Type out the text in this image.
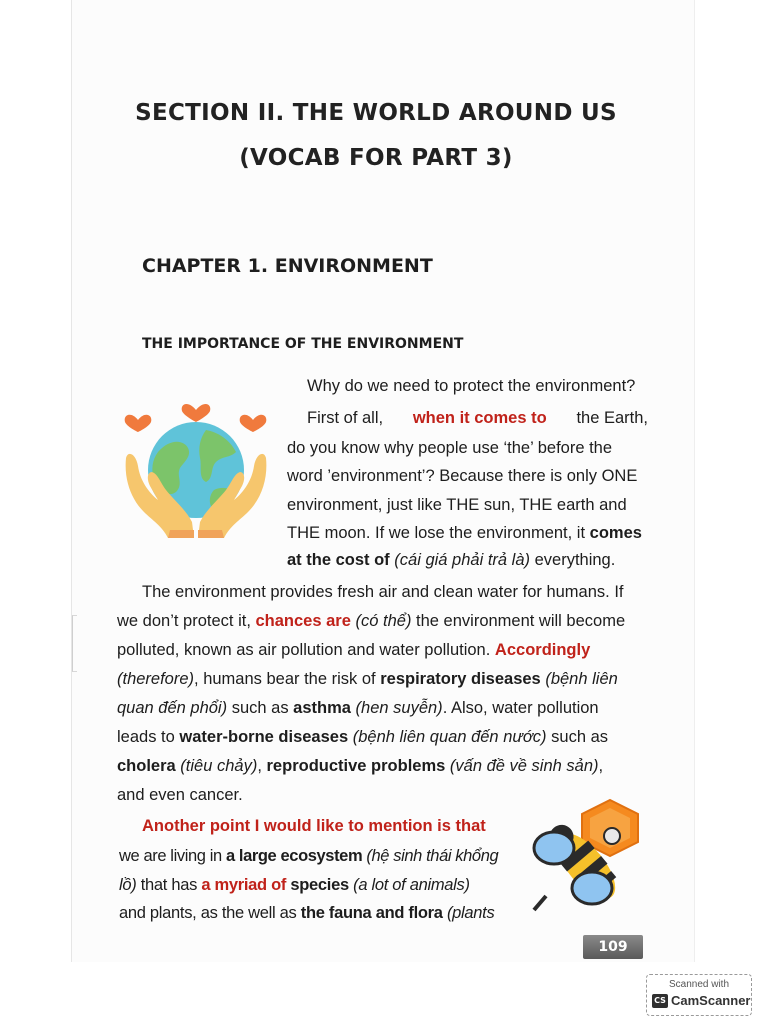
SECTION II. THE WORLD AROUND US
(VOCAB FOR PART 3)
CHAPTER 1. ENVIRONMENT
THE IMPORTANCE OF THE ENVIRONMENT

Why do we need to protect the environment?

First of all, when it comes to the Earth,

do you know why people use ‘the’ before the

word ’environment’? Because there is only ONE

environment, just like THE sun, THE earth and

THE moon. If we lose the environment, it comes

at the cost of (cái giá phải trả là) everything.

The environment provides fresh air and clean water for humans. If

we don’t protect it, chances are (có thể) the environment will become

polluted, known as air pollution and water pollution. Accordingly

(therefore), humans bear the risk of respiratory diseases (bệnh liên

quan đến phổi) such as asthma (hen suyễn). Also, water pollution

leads to water-borne diseases (bệnh liên quan đến nước) such as

cholera (tiêu chảy), reproductive problems (vấn đề về sinh sản),

and even cancer.

Another point I would like to mention is that

we are living in a large ecosystem (hệ sinh thái khổng

lồ) that has a myriad of species (a lot of animals)

and plants, as the well as the fauna and flora (plants

109
Scanned with
CS CamScanner
